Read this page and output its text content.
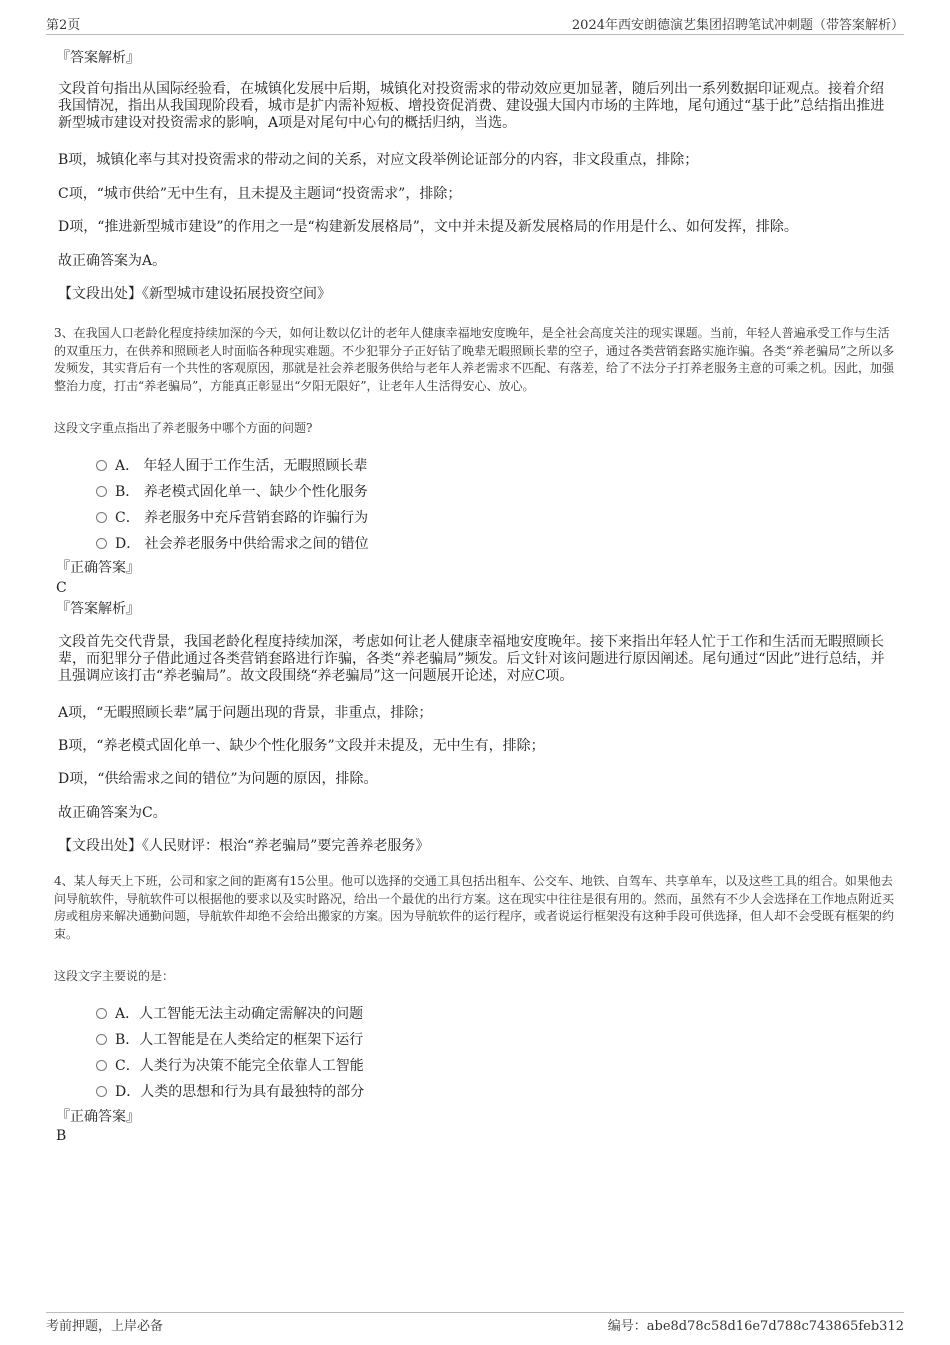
第2页	2024年西安朗德演艺集团招聘笔试冲刺题（带答案解析）
『答案解析』
文段首句指出从国际经验看，在城镇化发展中后期，城镇化对投资需求的带动效应更加显著，随后列出一系列数据印证观点。接着介绍我国情况，指出从我国现阶段看，城市是扩内需补短板、增投资促消费、建设强大国内市场的主阵地，尾句通过“基于此”总结指出推进新型城市建设对投资需求的影响，A项是对尾句中心句的概括归纳，当选。
B项，城镇化率与其对投资需求的带动之间的关系，对应文段举例论证部分的内容，非文段重点，排除；
C项，“城市供给”无中生有，且未提及主题词“投资需求”，排除；
D项，“推进新型城市建设”的作用之一是“构建新发展格局”，文中并未提及新发展格局的作用是什么、如何发挥，排除。
故正确答案为A。
【文段出处】《新型城市建设拓展投资空间》
3、在我国人口老龄化程度持续加深的今天，如何让数以亿计的老年人健康幸福地安度晚年，是全社会高度关注的现实课题。当前，年轻人普遍承受工作与生活的双重压力，在供养和照顾老人时面临各种现实难题。不少犯罪分子正好钻了晚辈无暇照顾长辈的空子，通过各类营销套路实施诈骗。各类“养老骗局”之所以多发频发，其实背后有一个共性的客观原因，那就是社会养老服务供给与老年人养老需求不匹配、有落差，给了不法分子打养老服务主意的可乘之机。因此，加强整治力度，打击“养老骗局”，方能真正彰显出“夕阳无限好”，让老年人生活得安心、放心。
这段文字重点指出了养老服务中哪个方面的问题?
A． 年轻人囿于工作生活，无暇照顾长辈
B． 养老模式固化单一、缺少个性化服务
C． 养老服务中充斥营销套路的诈骗行为
D． 社会养老服务中供给需求之间的错位
『正确答案』
C
『答案解析』
文段首先交代背景，我国老龄化程度持续加深，考虑如何让老人健康幸福地安度晚年。接下来指出年轻人忙于工作和生活而无暇照顾长辈，而犯罪分子借此通过各类营销套路进行诈骗，各类“养老骗局”频发。后文针对该问题进行原因阐述。尾句通过“因此”进行总结，并且强调应该打击“养老骗局”。故文段围绕“养老骗局”这一问题展开论述，对应C项。
A项，“无暇照顾长辈”属于问题出现的背景，非重点，排除；
B项，“养老模式固化单一、缺少个性化服务”文段并未提及，无中生有，排除；
D项，“供给需求之间的错位”为问题的原因，排除。
故正确答案为C。
【文段出处】《人民财评：根治“养老骗局”要完善养老服务》
4、某人每天上下班，公司和家之间的距离有15公里。他可以选择的交通工具包括出租车、公交车、地铁、自驾车、共享单车，以及这些工具的组合。如果他去问导航软件，导航软件可以根据他的要求以及实时路况，给出一个最优的出行方案。这在现实中往往是很有用的。然而，虽然有不少人会选择在工作地点附近买房或租房来解决通勤问题，导航软件却绝不会给出搬家的方案。因为导航软件的运行程序，或者说运行框架没有这种手段可供选择，但人却不会受既有框架的约束。
这段文字主要说的是：
A．人工智能无法主动确定需解决的问题
B．人工智能是在人类给定的框架下运行
C．人类行为决策不能完全依靠人工智能
D．人类的思想和行为具有最独特的部分
『正确答案』
B
考前押题，上岸必备	编号：abe8d78c58d16e7d788c743865feb312
